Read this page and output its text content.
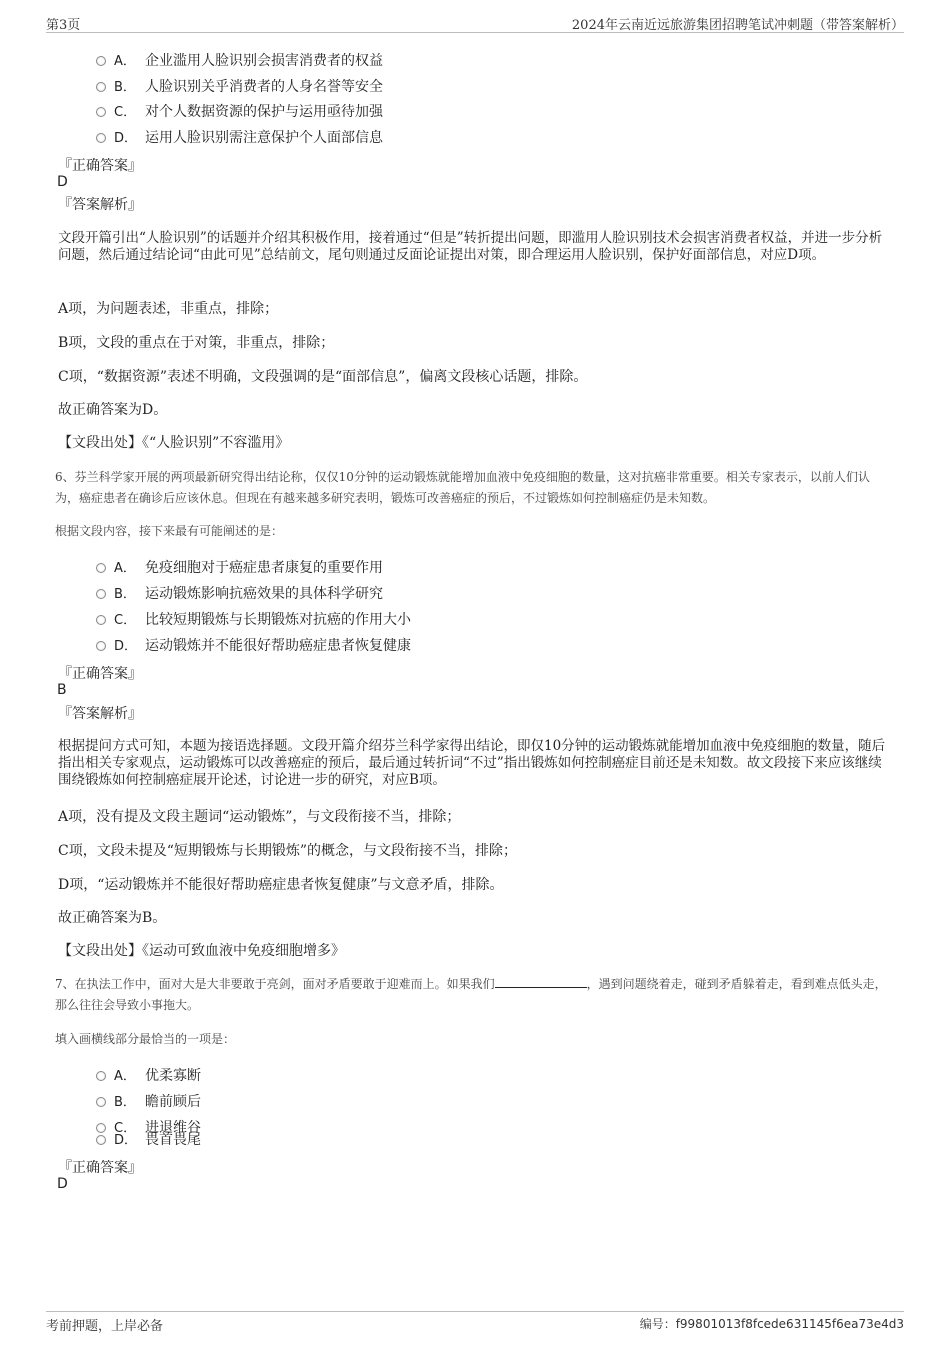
第3页	2024年云南近远旅游集团招聘笔试冲刺题（带答案解析）
A． 企业滥用人脸识别会损害消费者的权益
B． 人脸识别关乎消费者的人身名誉等安全
C． 对个人数据资源的保护与运用亟待加强
D． 运用人脸识别需注意保护个人面部信息
『正确答案』
D
『答案解析』
文段开篇引出“人脸识别”的话题并介绍其积极作用，接着通过“但是”转折提出问题，即滥用人脸识别技术会损害消费者权益，并进一步分析问题，然后通过结论词“由此可见”总结前文，尾句则通过反面论证提出对策，即合理运用人脸识别，保护好面部信息，对应D项。
A项，为问题表述，非重点，排除；
B项，文段的重点在于对策，非重点，排除；
C项，“数据资源”表述不明确，文段强调的是“面部信息”，偏离文段核心话题，排除。
故正确答案为D。
【文段出处】《“人脸识别”不容滥用》
6、芬兰科学家开展的两项最新研究得出结论称，仅仅10分钟的运动锻炼就能增加血液中免疫细胞的数量，这对抗癌非常重要。相关专家表示，以前人们认为，癌症患者在确诊后应该休息。但现在有越来越多研究表明，锻炼可改善癌症的预后，不过锻炼如何控制癌症仍是未知数。
根据文段内容，接下来最有可能阐述的是：
A． 免疫细胞对于癌症患者康复的重要作用
B． 运动锻炼影响抗癌效果的具体科学研究
C． 比较短期锻炼与长期锻炼对抗癌的作用大小
D． 运动锻炼并不能很好帮助癌症患者恢复健康
『正确答案』
B
『答案解析』
根据提问方式可知，本题为接语选择题。文段开篇介绍芬兰科学家得出结论，即仅10分钟的运动锻炼就能增加血液中免疫细胞的数量，随后指出相关专家观点，运动锻炼可以改善癌症的预后，最后通过转折词“不过”指出锻炼如何控制癌症目前还是未知数。故文段接下来应该继续围绕锻炼如何控制癌症展开论述，讨论进一步的研究，对应B项。
A项，没有提及文段主题词“运动锻炼”，与文段衔接不当，排除；
C项，文段未提及“短期锻炼与长期锻炼”的概念，与文段衔接不当，排除；
D项，“运动锻炼并不能很好帮助癌症患者恢复健康”与文意矛盾，排除。
故正确答案为B。
【文段出处】《运动可致血液中免疫细胞增多》
7、在执法工作中，面对大是大非要敢于亮剑，面对矛盾要敢于迎难而上。如果我们	，遇到问题绕着走，碰到矛盾躲着走，看到难点低头走，那么往往会导致小事拖大。
填入画横线部分最恰当的一项是：
A． 优柔寡断
B． 瞻前顾后
C． 进退维谷
D． 畏首畏尾
『正确答案』
D
考前押题，上岸必备	编号：f99801013f8fcede631145f6ea73e4d3
